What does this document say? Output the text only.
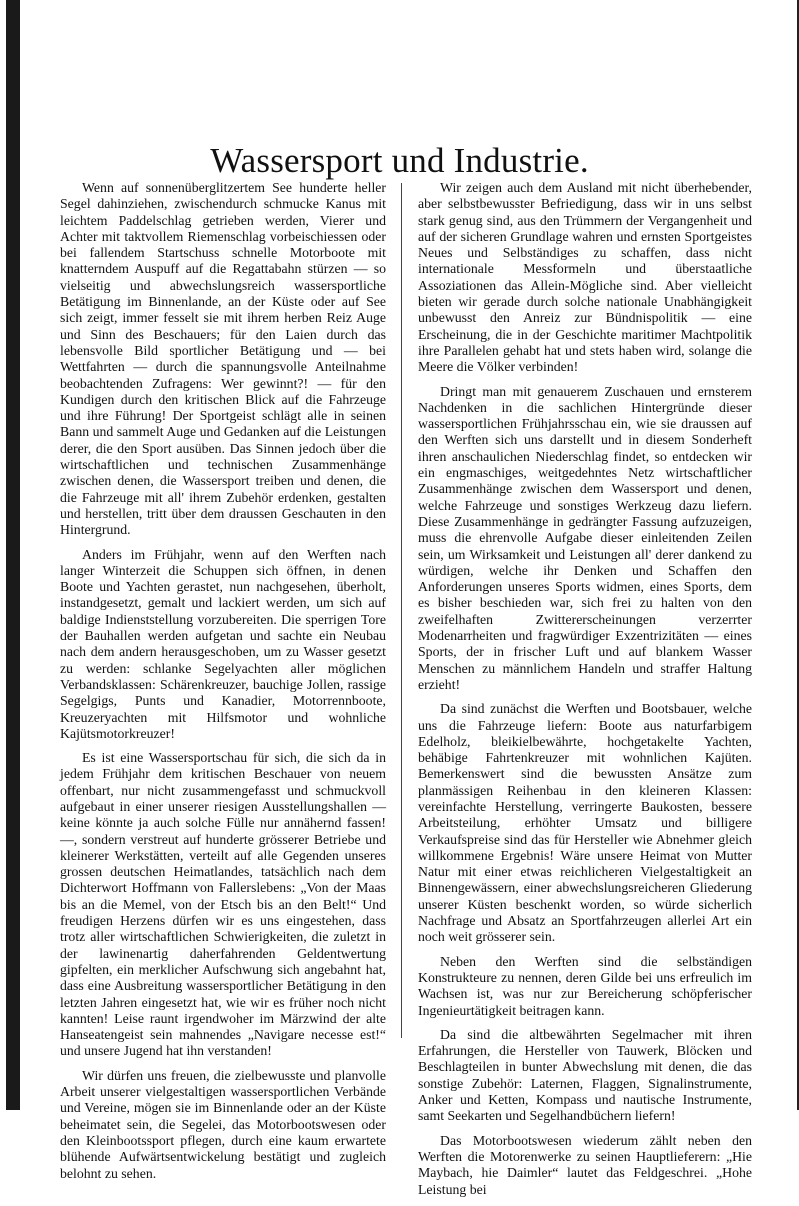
Wassersport und Industrie.

Wenn auf sonnenüberglitzertem See hunderte heller Segel dahinziehen, zwischendurch schmucke Kanus mit leichtem Paddelschlag getrieben werden, Vierer und Achter mit taktvollem Riemenschlag vorbeischiessen oder bei fallendem Startschuss schnelle Motorboote mit knatterndem Auspuff auf die Regattabahn stürzen — so vielseitig und abwechslungsreich wassersportliche Betätigung im Binnenlande, an der Küste oder auf See sich zeigt, immer fesselt sie mit ihrem herben Reiz Auge und Sinn des Beschauers; für den Laien durch das lebensvolle Bild sportlicher Betätigung und — bei Wettfahrten — durch die spannungsvolle Anteilnahme beobachtenden Zufragens: Wer gewinnt?! — für den Kundigen durch den kritischen Blick auf die Fahrzeuge und ihre Führung! Der Sportgeist schlägt alle in seinen Bann und sammelt Auge und Gedanken auf die Leistungen derer, die den Sport ausüben. Das Sinnen jedoch über die wirtschaftlichen und technischen Zusammenhänge zwischen denen, die Wassersport treiben und denen, die die Fahrzeuge mit all' ihrem Zubehör erdenken, gestalten und herstellen, tritt über dem draussen Geschauten in den Hintergrund.

Anders im Frühjahr, wenn auf den Werften nach langer Winterzeit die Schuppen sich öffnen, in denen Boote und Yachten gerastet, nun nachgesehen, überholt, instandgesetzt, gemalt und lackiert werden, um sich auf baldige Indienststellung vorzubereiten. Die sperrigen Tore der Bauhallen werden aufgetan und sachte ein Neubau nach dem andern herausgeschoben, um zu Wasser gesetzt zu werden: schlanke Segelyachten aller möglichen Verbandsklassen: Schärenkreuzer, bauchige Jollen, rassige Segelgigs, Punts und Kanadier, Motorrennboote, Kreuzeryachten mit Hilfsmotor und wohnliche Kajütsmotorkreuzer!

Es ist eine Wassersportschau für sich, die sich da in jedem Frühjahr dem kritischen Beschauer von neuem offenbart, nur nicht zusammengefasst und schmuckvoll aufgebaut in einer unserer riesigen Ausstellungshallen — keine könnte ja auch solche Fülle nur annähernd fassen! —, sondern verstreut auf hunderte grösserer Betriebe und kleinerer Werkstätten, verteilt auf alle Gegenden unseres grossen deutschen Heimatlandes, tatsächlich nach dem Dichterwort Hoffmann von Fallerslebens: „Von der Maas bis an die Memel, von der Etsch bis an den Belt!“ Und freudigen Herzens dürfen wir es uns eingestehen, dass trotz aller wirtschaftlichen Schwierigkeiten, die zuletzt in der lawinenartig daherfahrenden Geldentwertung gipfelten, ein merklicher Aufschwung sich angebahnt hat, dass eine Ausbreitung wassersportlicher Betätigung in den letzten Jahren eingesetzt hat, wie wir es früher noch nicht kannten! Leise raunt irgendwoher im Märzwind der alte Hanseatengeist sein mahnendes „Navigare necesse est!“ und unsere Jugend hat ihn verstanden!

Wir dürfen uns freuen, die zielbewusste und planvolle Arbeit unserer vielgestaltigen wassersportlichen Verbände und Vereine, mögen sie im Binnenlande oder an der Küste beheimatet sein, die Segelei, das Motorbootswesen oder den Kleinbootssport pflegen, durch eine kaum erwartete blühende Aufwärtsentwickelung bestätigt und zugleich belohnt zu sehen.

Wir zeigen auch dem Ausland mit nicht überhebender, aber selbstbewusster Befriedigung, dass wir in uns selbst stark genug sind, aus den Trümmern der Vergangenheit und auf der sicheren Grundlage wahren und ernsten Sportgeistes Neues und Selbständiges zu schaffen, dass nicht internationale Messformeln und überstaatliche Assoziationen das Allein-Mögliche sind. Aber vielleicht bieten wir gerade durch solche nationale Unabhängigkeit unbewusst den Anreiz zur Bündnispolitik — eine Erscheinung, die in der Geschichte maritimer Machtpolitik ihre Parallelen gehabt hat und stets haben wird, solange die Meere die Völker verbinden!

Dringt man mit genauerem Zuschauen und ernsterem Nachdenken in die sachlichen Hintergründe dieser wassersportlichen Frühjahrsschau ein, wie sie draussen auf den Werften sich uns darstellt und in diesem Sonderheft ihren anschaulichen Niederschlag findet, so entdecken wir ein engmaschiges, weitgedehntes Netz wirtschaftlicher Zusammenhänge zwischen dem Wassersport und denen, welche Fahrzeuge und sonstiges Werkzeug dazu liefern. Diese Zusammenhänge in gedrängter Fassung aufzuzeigen, muss die ehrenvolle Aufgabe dieser einleitenden Zeilen sein, um Wirksamkeit und Leistungen all' derer dankend zu würdigen, welche ihr Denken und Schaffen den Anforderungen unseres Sports widmen, eines Sports, dem es bisher beschieden war, sich frei zu halten von den zweifelhaften Zwittererscheinungen verzerrter Modenarrheiten und fragwürdiger Exzentrizitäten — eines Sports, der in frischer Luft und auf blankem Wasser Menschen zu männlichem Handeln und straffer Haltung erzieht!

Da sind zunächst die Werften und Bootsbauer, welche uns die Fahrzeuge liefern: Boote aus naturfarbigem Edelholz, bleikielbewährte, hochgetakelte Yachten, behäbige Fahrtenkreuzer mit wohnlichen Kajüten. Bemerkenswert sind die bewussten Ansätze zum planmässigen Reihenbau in den kleineren Klassen: vereinfachte Herstellung, verringerte Baukosten, bessere Arbeitsteilung, erhöhter Umsatz und billigere Verkaufspreise sind das für Hersteller wie Abnehmer gleich willkommene Ergebnis! Wäre unsere Heimat von Mutter Natur mit einer etwas reichlicheren Vielgestaltigkeit an Binnengewässern, einer abwechslungsreicheren Gliederung unserer Küsten beschenkt worden, so würde sicherlich Nachfrage und Absatz an Sportfahrzeugen allerlei Art ein noch weit grösserer sein.

Neben den Werften sind die selbständigen Konstrukteure zu nennen, deren Gilde bei uns erfreulich im Wachsen ist, was nur zur Bereicherung schöpferischer Ingenieurtätigkeit beitragen kann.

Da sind die altbewährten Segelmacher mit ihren Erfahrungen, die Hersteller von Tauwerk, Blöcken und Beschlagteilen in bunter Abwechslung mit denen, die das sonstige Zubehör: Laternen, Flaggen, Signalinstrumente, Anker und Ketten, Kompass und nautische Instrumente, samt Seekarten und Segelhandbüchern liefern!

Das Motorbootswesen wiederum zählt neben den Werften die Motorenwerke zu seinen Hauptlieferern: „Hie Maybach, hie Daimler“ lautet das Feldgeschrei. „Hohe Leistung bei
